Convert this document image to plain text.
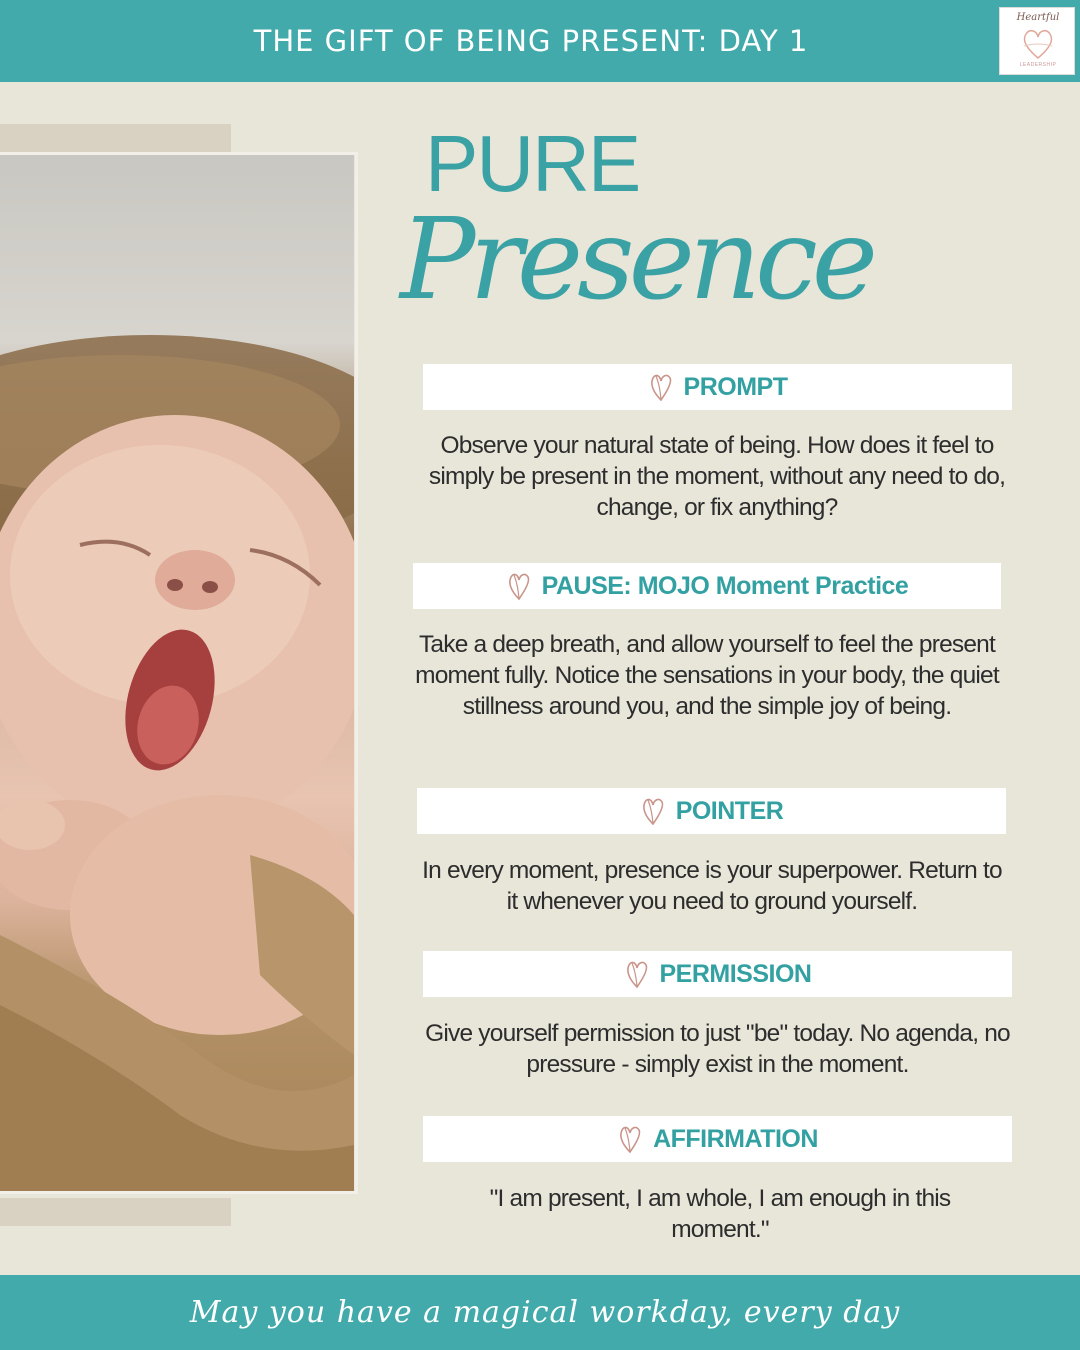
THE GIFT OF BEING PRESENT: DAY 1
Heartful
LEADERSHIP
PURE
Presence
PROMPT
Observe your natural state of being. How does it feel to simply be present in the moment, without any need to do, change, or fix anything?
PAUSE: MOJO Moment Practice
Take a deep breath, and allow yourself to feel the present moment fully. Notice the sensations in your body, the quiet stillness around you, and the simple joy of being.
POINTER
In every moment, presence is your superpower. Return to it whenever you need to ground yourself.
PERMISSION
Give yourself permission to just "be" today. No agenda, no pressure - simply exist in the moment.
AFFIRMATION
"I am present, I am whole, I am enough in this moment."
May you have a magical workday, every day
